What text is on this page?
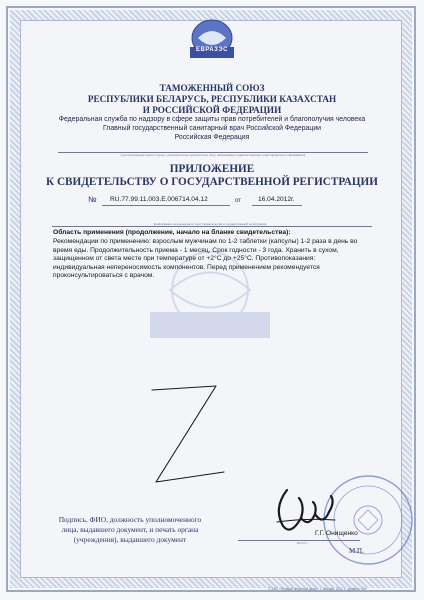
ЕВРАЗЭС
ТАМОЖЕННЫЙ СОЮЗ
РЕСПУБЛИКИ БЕЛАРУСЬ, РЕСПУБЛИКИ КАЗАХСТАН
И РОССИЙСКОЙ ФЕДЕРАЦИИ
Федеральная служба по надзору в сфере защиты прав потребителей и благополучия человека
Главный государственный санитарный врач Российской Федерации
Российская Федерация
(уполномоченный орган Стороны, уполномоченное должностное лицо, наименование административно-территориального образования)
ПРИЛОЖЕНИЕ
К СВИДЕТЕЛЬСТВУ О ГОСУДАРСТВЕННОЙ РЕГИСТРАЦИИ
№ RU.77.99.11.003.Е.006714.04.12	от	16.04.2012г.
(информация, не вошедшая в текст свидетельства о государственной регистрации)

Область применения (продолжение, начало на бланке свидетельства):

Рекомендации по применению: взрослым мужчинам по 1-2 таблетки (капсулы) 1-2 раза в день во
время еды. Продолжительность приема - 1 месяц. Срок годности - 3 года. Хранить в сухом,
защищенном от света месте при температуре от +2°С до +25°С. Противопоказания:
индивидуальная непереносимость компонентов. Перед применением рекомендуется
проконсультироваться с врачом.
Подпись, ФИО, должность уполномоченного
лица, выдавшего документ, и печать органа
(учреждения), выдавшего документ
Г.Г. Онищенко
(Ф.И.О.)
М.П.
© ЗАО «Первый печатный двор», г. Москва, 2011 г., уровень «В»
